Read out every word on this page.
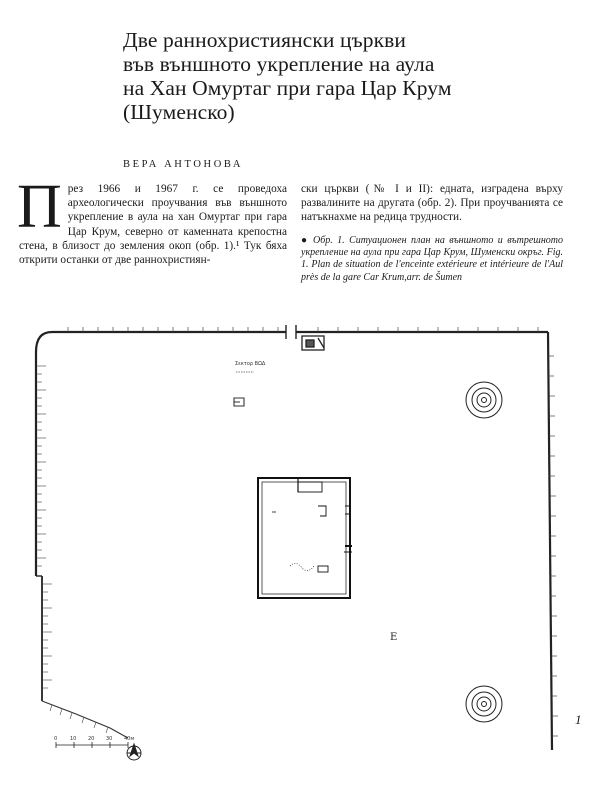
Две раннохристиянски църкви
във външното укрепление на аула
на Хан Омуртаг при гара Цар Крум
(Шуменско)

ВЕРА АНТОНОВА

П рез 1966 и 1967 г. се проведоха археологически проучвания във външното укрепление в аула на хан Омуртаг при гара Цар Крум, северно от каменната крепостна стена, в близост до земления окоп (обр. 1).¹ Тук бяха открити останки от две раннохристиян-

ски църкви (№ I и II): едната, изградена върху развалините на другата (обр. 2). При проучванията се натъкнахме на редица трудности.

● Обр. 1. Ситуационен план на външното и вътрешното укрепление на аула при гара Цар Крум, Шуменски окръг. Fig. 1. Plan de situation de l'enceinte extérieure et intérieure de l'Aul près de la gare Car Krum,arr. de Šumen

Σεκτορ BΩΔ
E
0	10 20 30 40м

1
